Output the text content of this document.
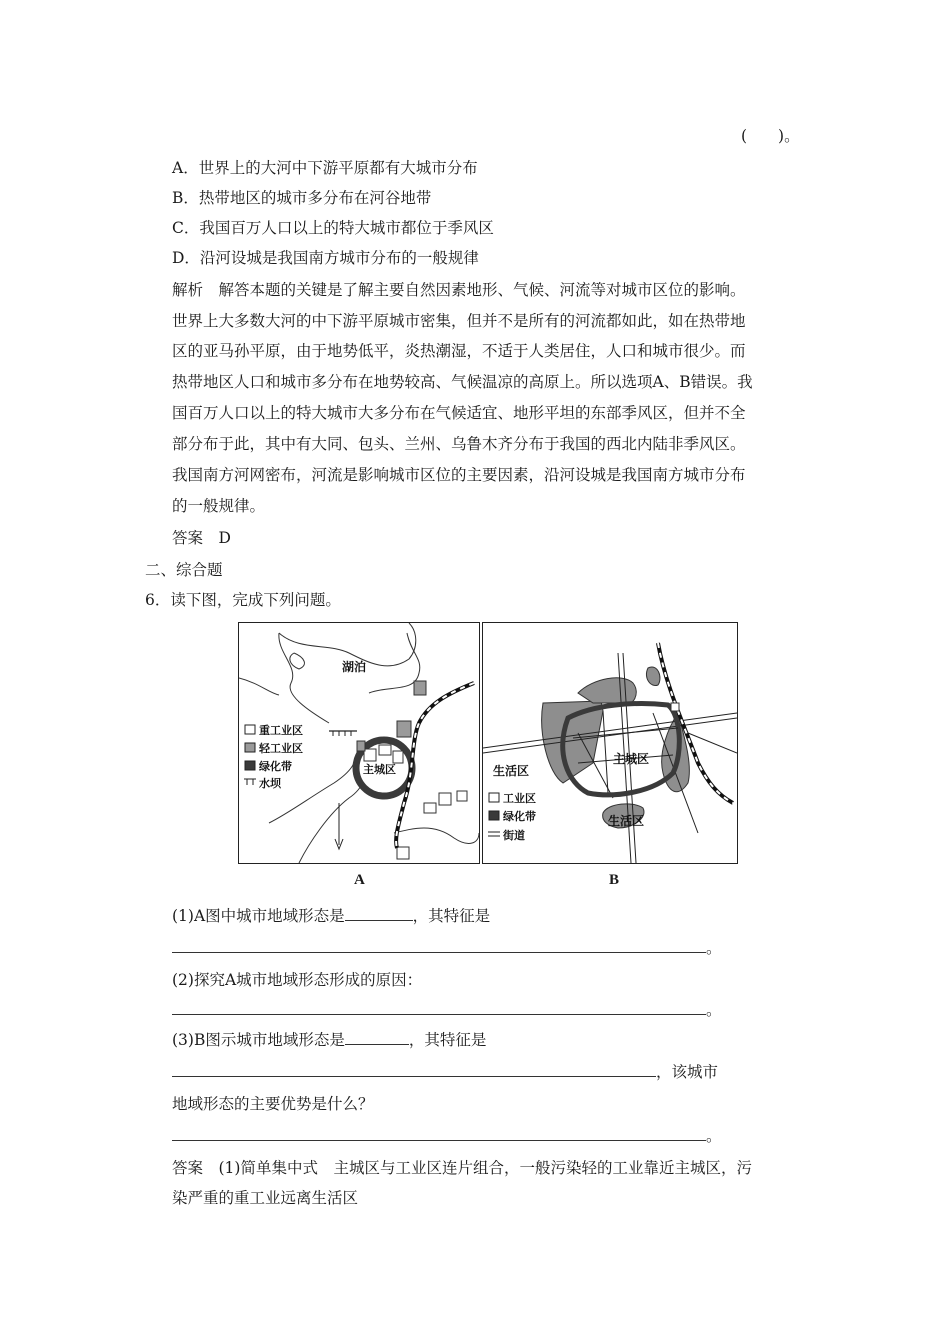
(　　)。
A．世界上的大河中下游平原都有大城市分布
B．热带地区的城市多分布在河谷地带
C．我国百万人口以上的特大城市都位于季风区
D．沿河设城是我国南方城市分布的一般规律
解析　解答本题的关键是了解主要自然因素地形、气候、河流等对城市区位的影响。
世界上大多数大河的中下游平原城市密集，但并不是所有的河流都如此，如在热带地
区的亚马孙平原，由于地势低平，炎热潮湿，不适于人类居住，人口和城市很少。而
热带地区人口和城市多分布在地势较高、气候温凉的高原上。所以选项A、B错误。我
国百万人口以上的特大城市大多分布在气候适宜、地形平坦的东部季风区，但并不全
部分布于此，其中有大同、包头、兰州、乌鲁木齐分布于我国的西北内陆非季风区。
我国南方河网密布，河流是影响城市区位的主要因素，沿河设城是我国南方城市分布
的一般规律。
答案　D
二、综合题
6．读下图，完成下列问题。
湖泊
主城区
重工业区
轻工业区
绿化带
水坝
A
主城区
生活区
生活区
工业区
绿化带
街道
B
(1)A图中城市地域形态是	，其特征是
。
(2)探究A城市地域形态形成的原因：
。
(3)B图示城市地域形态是	，其特征是
，该城市
地域形态的主要优势是什么？
。
答案　(1)简单集中式　主城区与工业区连片组合，一般污染轻的工业靠近主城区，污
染严重的重工业远离生活区
